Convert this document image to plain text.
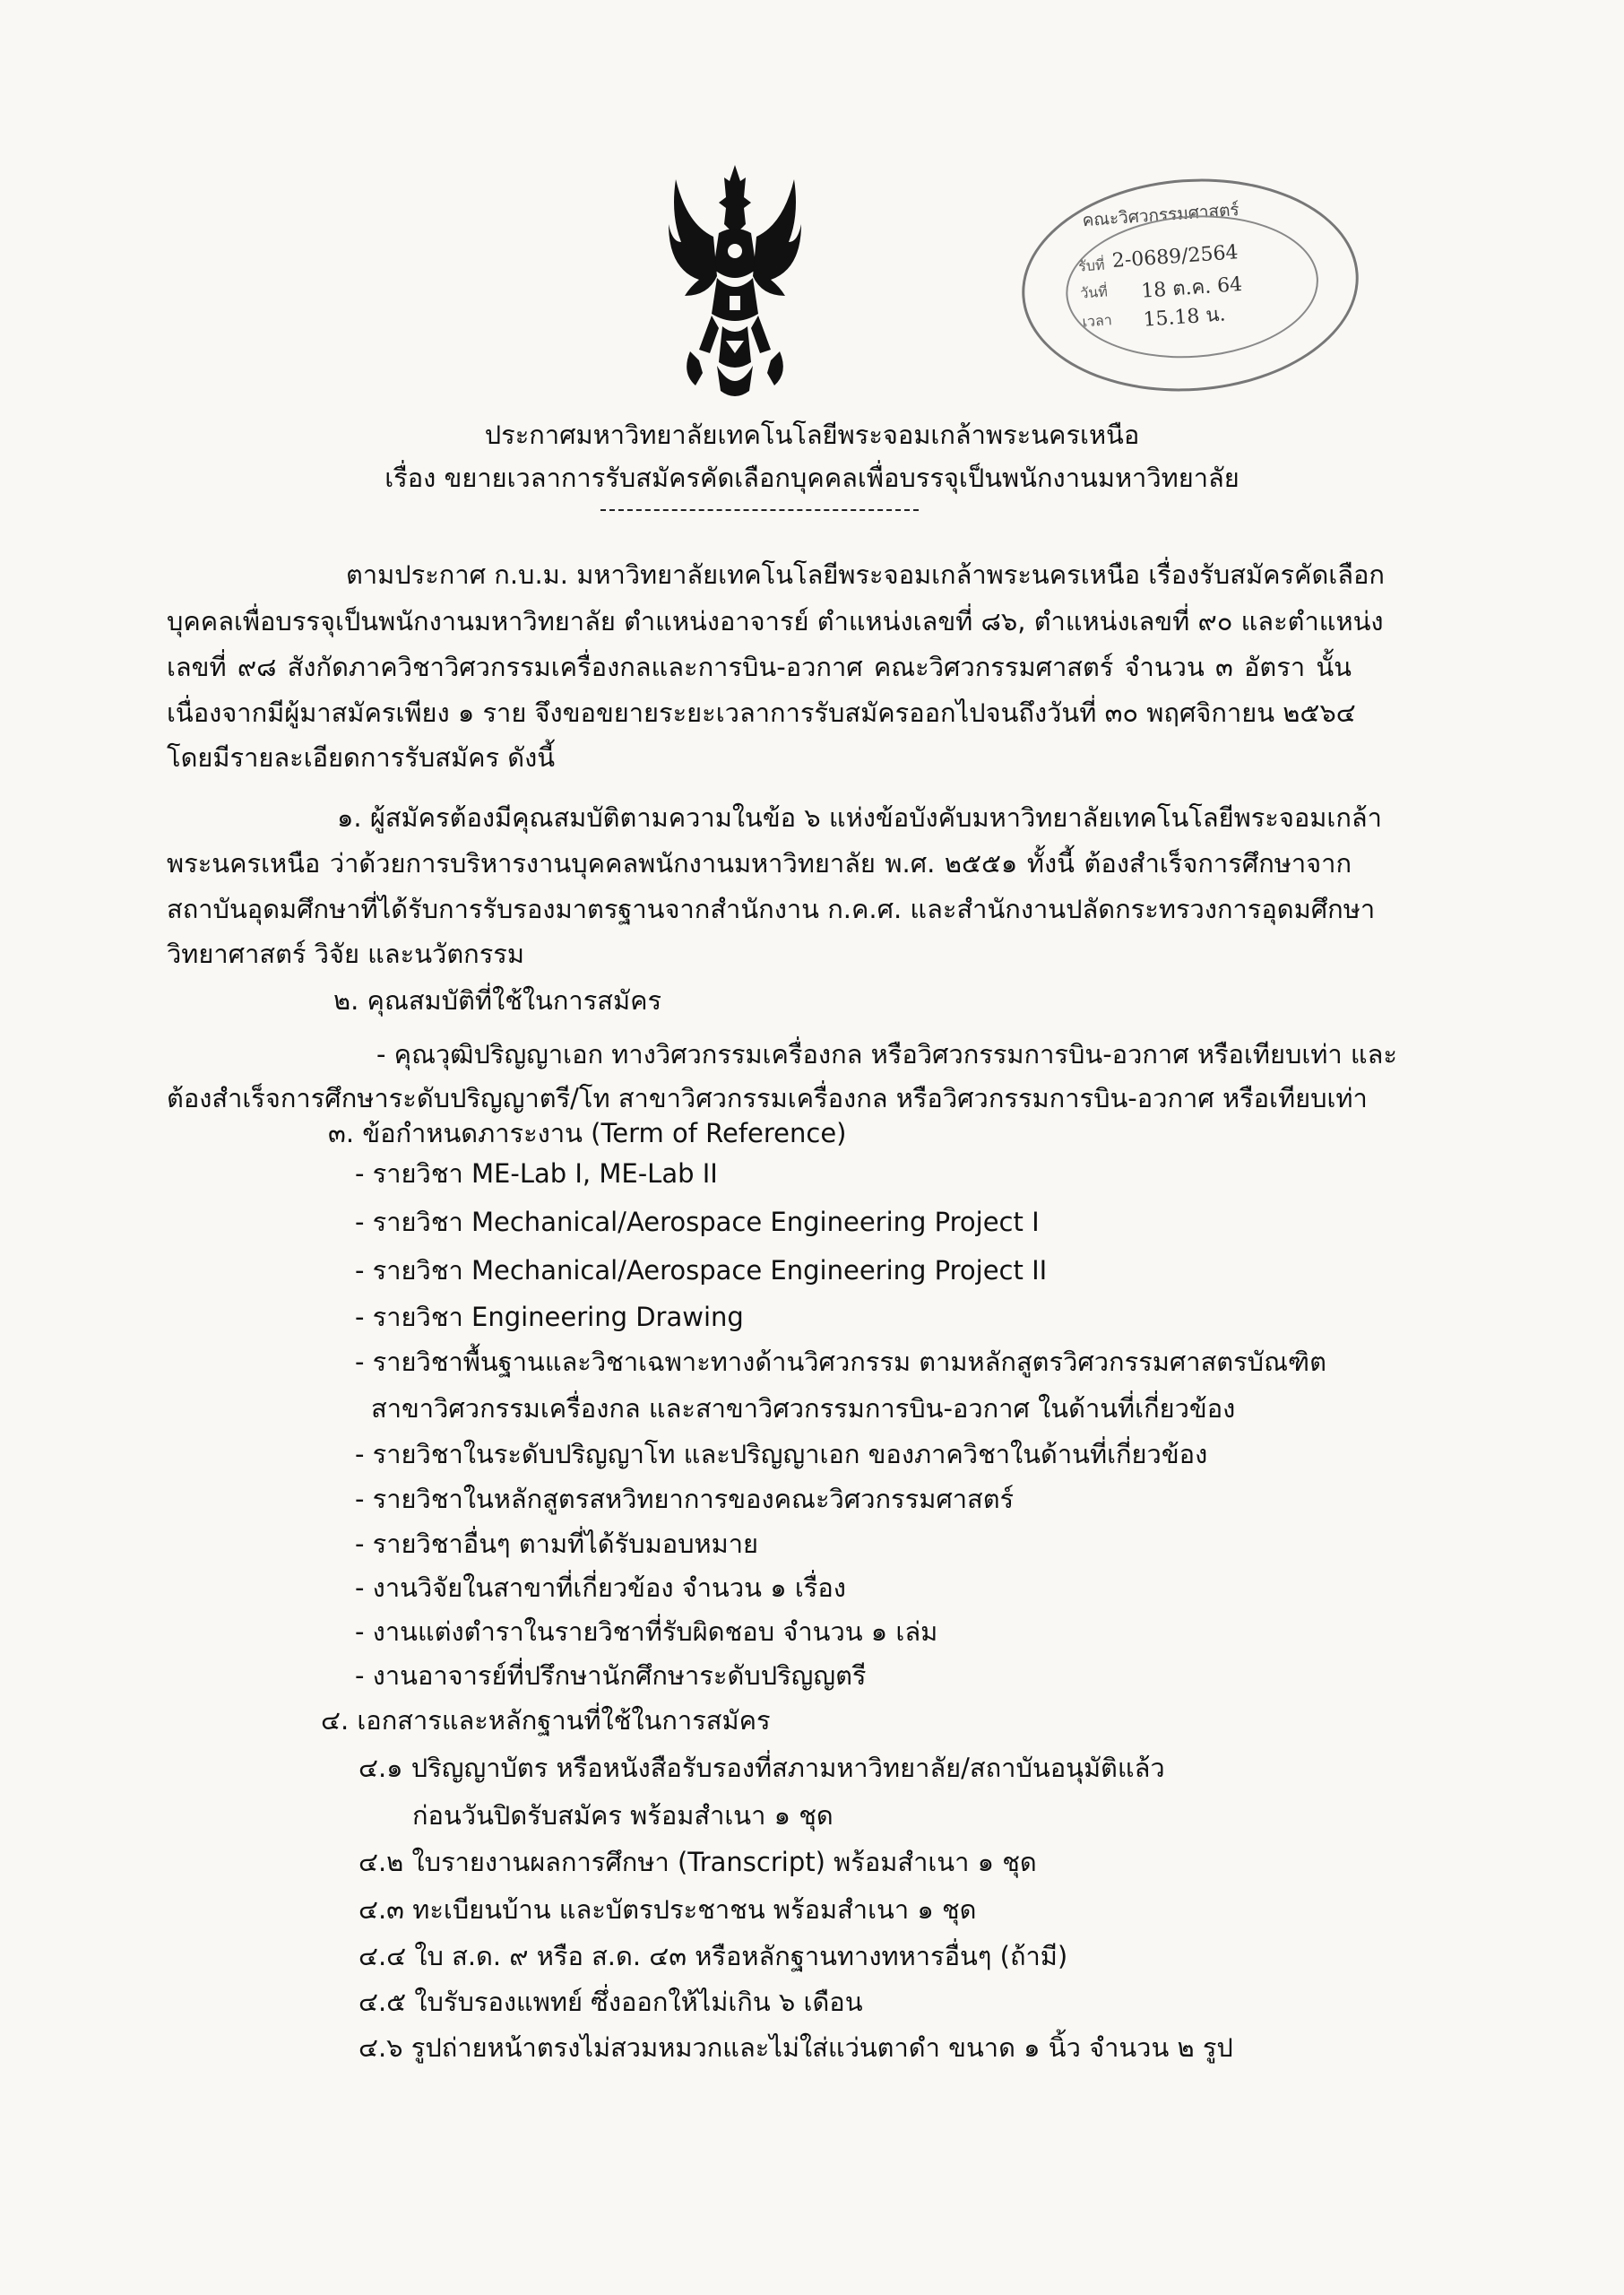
คณะวิศวกรรมศาสตร์
รับที่ 2-0689/2564
วันที่ 18 ต.ค. 64
เวลา 15.18 น.
ประกาศมหาวิทยาลัยเทคโนโลยีพระจอมเกล้าพระนครเหนือ
เรื่อง ขยายเวลาการรับสมัครคัดเลือกบุคคลเพื่อบรรจุเป็นพนักงานมหาวิทยาลัย
ตามประกาศ ก.บ.ม. มหาวิทยาลัยเทคโนโลยีพระจอมเกล้าพระนครเหนือ เรื่องรับสมัครคัดเลือก
บุคคลเพื่อบรรจุเป็นพนักงานมหาวิทยาลัย ตำแหน่งอาจารย์ ตำแหน่งเลขที่ ๘๖, ตำแหน่งเลขที่ ๙๐ และตำแหน่ง
เลขที่ ๙๘ สังกัดภาควิชาวิศวกรรมเครื่องกลและการบิน-อวกาศ คณะวิศวกรรมศาสตร์ จำนวน ๓ อัตรา นั้น
เนื่องจากมีผู้มาสมัครเพียง ๑ ราย จึงขอขยายระยะเวลาการรับสมัครออกไปจนถึงวันที่ ๓๐ พฤศจิกายน ๒๕๖๔
โดยมีรายละเอียดการรับสมัคร ดังนี้
๑. ผู้สมัครต้องมีคุณสมบัติตามความในข้อ ๖ แห่งข้อบังคับมหาวิทยาลัยเทคโนโลยีพระจอมเกล้า
พระนครเหนือ ว่าด้วยการบริหารงานบุคคลพนักงานมหาวิทยาลัย พ.ศ. ๒๕๕๑ ทั้งนี้ ต้องสำเร็จการศึกษาจาก
สถาบันอุดมศึกษาที่ได้รับการรับรองมาตรฐานจากสำนักงาน ก.ค.ศ. และสำนักงานปลัดกระทรวงการอุดมศึกษา
วิทยาศาสตร์ วิจัย และนวัตกรรม
๒. คุณสมบัติที่ใช้ในการสมัคร
- คุณวุฒิปริญญาเอก ทางวิศวกรรมเครื่องกล หรือวิศวกรรมการบิน-อวกาศ หรือเทียบเท่า และ
ต้องสำเร็จการศึกษาระดับปริญญาตรี/โท สาขาวิศวกรรมเครื่องกล หรือวิศวกรรมการบิน-อวกาศ หรือเทียบเท่า
๓. ข้อกำหนดภาระงาน (Term of Reference)
- รายวิชา ME-Lab I, ME-Lab II
- รายวิชา Mechanical/Aerospace Engineering Project I
- รายวิชา Mechanical/Aerospace Engineering Project II
- รายวิชา Engineering Drawing
- รายวิชาพื้นฐานและวิชาเฉพาะทางด้านวิศวกรรม ตามหลักสูตรวิศวกรรมศาสตรบัณฑิต
สาขาวิศวกรรมเครื่องกล และสาขาวิศวกรรมการบิน-อวกาศ ในด้านที่เกี่ยวข้อง
- รายวิชาในระดับปริญญาโท และปริญญาเอก ของภาควิชาในด้านที่เกี่ยวข้อง
- รายวิชาในหลักสูตรสหวิทยาการของคณะวิศวกรรมศาสตร์
- รายวิชาอื่นๆ ตามที่ได้รับมอบหมาย
- งานวิจัยในสาขาที่เกี่ยวข้อง จำนวน ๑ เรื่อง
- งานแต่งตำราในรายวิชาที่รับผิดชอบ จำนวน ๑ เล่ม
- งานอาจารย์ที่ปรึกษานักศึกษาระดับปริญญตรี
๔. เอกสารและหลักฐานที่ใช้ในการสมัคร
๔.๑ ปริญญาบัตร หรือหนังสือรับรองที่สภามหาวิทยาลัย/สถาบันอนุมัติแล้ว
ก่อนวันปิดรับสมัคร พร้อมสำเนา ๑ ชุด
๔.๒ ใบรายงานผลการศึกษา (Transcript) พร้อมสำเนา ๑ ชุด
๔.๓ ทะเบียนบ้าน และบัตรประชาชน พร้อมสำเนา ๑ ชุด
๔.๔ ใบ ส.ด. ๙ หรือ ส.ด. ๔๓ หรือหลักฐานทางทหารอื่นๆ (ถ้ามี)
๔.๕ ใบรับรองแพทย์ ซึ่งออกให้ไม่เกิน ๖ เดือน
๔.๖ รูปถ่ายหน้าตรงไม่สวมหมวกและไม่ใส่แว่นตาดำ ขนาด ๑ นิ้ว จำนวน ๒ รูป
